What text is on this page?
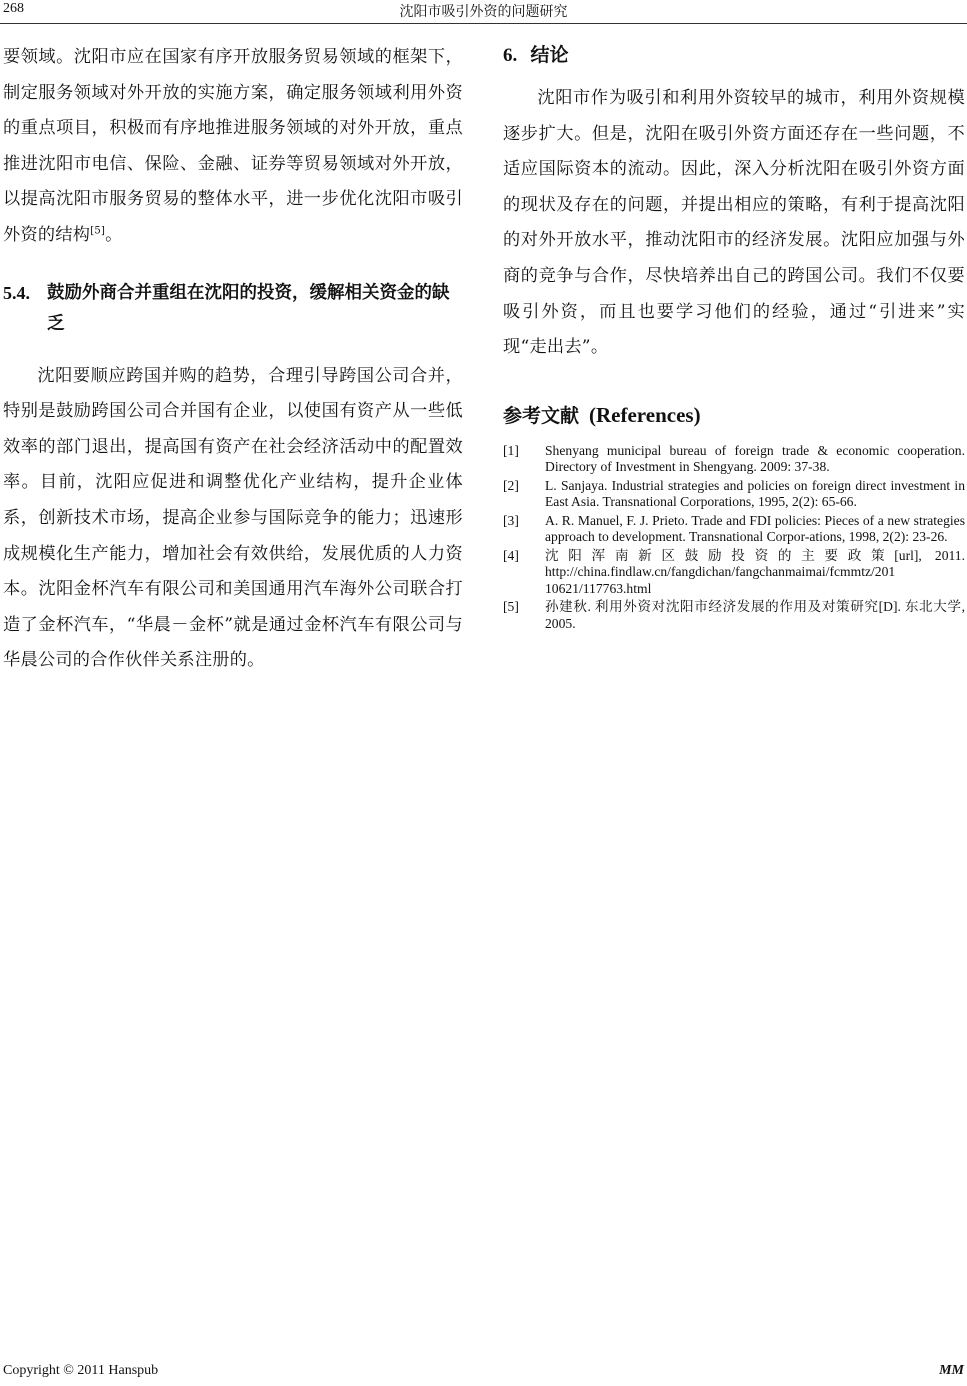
268	沈阳市吸引外资的问题研究

要领域。沈阳市应在国家有序开放服务贸易领域的框架下，制定服务领域对外开放的实施方案，确定服务领域利用外资的重点项目，积极而有序地推进服务领域的对外开放，重点推进沈阳市电信、保险、金融、证券等贸易领域对外开放，以提高沈阳市服务贸易的整体水平，进一步优化沈阳市吸引外资的结构[5]。

5.4. 鼓励外商合并重组在沈阳的投资，缓解相关资金的缺乏

沈阳要顺应跨国并购的趋势，合理引导跨国公司合并，特别是鼓励跨国公司合并国有企业，以使国有资产从一些低效率的部门退出，提高国有资产在社会经济活动中的配置效率。目前，沈阳应促进和调整优化产业结构，提升企业体系，创新技术市场，提高企业参与国际竞争的能力；迅速形成规模化生产能力，增加社会有效供给，发展优质的人力资本。沈阳金杯汽车有限公司和美国通用汽车海外公司联合打造了金杯汽车，“华晨－金杯”就是通过金杯汽车有限公司与华晨公司的合作伙伴关系注册的。

6. 结论

沈阳市作为吸引和利用外资较早的城市，利用外资规模逐步扩大。但是，沈阳在吸引外资方面还存在一些问题，不适应国际资本的流动。因此，深入分析沈阳在吸引外资方面的现状及存在的问题，并提出相应的策略，有利于提高沈阳的对外开放水平，推动沈阳市的经济发展。沈阳应加强与外商的竞争与合作，尽快培养出自己的跨国公司。我们不仅要吸引外资，而且也要学习他们的经验，通过“引进来”实现“走出去”。

参考文献 (References)
[1]	Shenyang municipal bureau of foreign trade & economic cooperation. Directory of Investment in Shengyang. 2009: 37-38.
[2]	L. Sanjaya. Industrial strategies and policies on foreign direct investment in East Asia. Transnational Corporations, 1995, 2(2): 65-66.
[3]	A. R. Manuel, F. J. Prieto. Trade and FDI policies: Pieces of a new strategies approach to development. Transnational Corpor-ations, 1998, 2(2): 23-26.
[4]	沈阳浑南新区鼓励投资的主要政策[url], 2011. http://china.findlaw.cn/fangdichan/fangchanmaimai/fcmmtz/201 10621/117763.html
[5]	孙建秋. 利用外资对沈阳市经济发展的作用及对策研究[D]. 东北大学, 2005.
Copyright © 2011 Hanspub	MM
